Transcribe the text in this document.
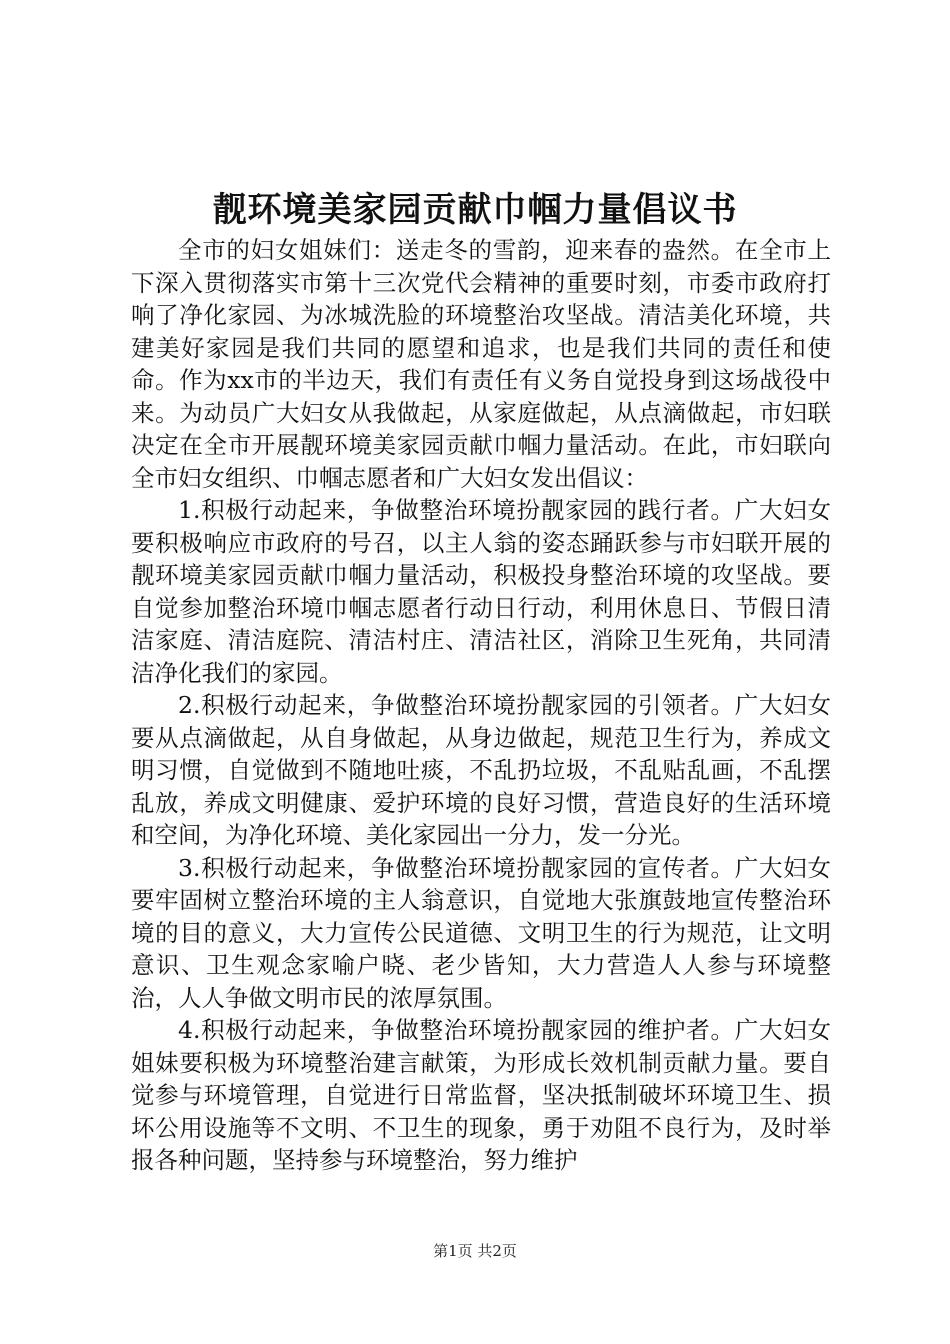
靓环境美家园贡献巾帼力量倡议书

全市的妇女姐妹们：送走冬的雪韵，迎来春的盎然。在全市上下深入贯彻落实市第十三次党代会精神的重要时刻，市委市政府打响了净化家园、为冰城洗脸的环境整治攻坚战。清洁美化环境，共建美好家园是我们共同的愿望和追求，也是我们共同的责任和使命。作为xx市的半边天，我们有责任有义务自觉投身到这场战役中来。为动员广大妇女从我做起，从家庭做起，从点滴做起，市妇联决定在全市开展靓环境美家园贡献巾帼力量活动。在此，市妇联向全市妇女组织、巾帼志愿者和广大妇女发出倡议：

1.积极行动起来，争做整治环境扮靓家园的践行者。广大妇女要积极响应市政府的号召，以主人翁的姿态踊跃参与市妇联开展的靓环境美家园贡献巾帼力量活动，积极投身整治环境的攻坚战。要自觉参加整治环境巾帼志愿者行动日行动，利用休息日、节假日清洁家庭、清洁庭院、清洁村庄、清洁社区，消除卫生死角，共同清洁净化我们的家园。

2.积极行动起来，争做整治环境扮靓家园的引领者。广大妇女要从点滴做起，从自身做起，从身边做起，规范卫生行为，养成文明习惯，自觉做到不随地吐痰，不乱扔垃圾，不乱贴乱画，不乱摆乱放，养成文明健康、爱护环境的良好习惯，营造良好的生活环境和空间，为净化环境、美化家园出一分力，发一分光。

3.积极行动起来，争做整治环境扮靓家园的宣传者。广大妇女要牢固树立整治环境的主人翁意识，自觉地大张旗鼓地宣传整治环境的目的意义，大力宣传公民道德、文明卫生的行为规范，让文明意识、卫生观念家喻户晓、老少皆知，大力营造人人参与环境整治，人人争做文明市民的浓厚氛围。

4.积极行动起来，争做整治环境扮靓家园的维护者。广大妇女姐妹要积极为环境整治建言献策，为形成长效机制贡献力量。要自觉参与环境管理，自觉进行日常监督，坚决抵制破坏环境卫生、损坏公用设施等不文明、不卫生的现象，勇于劝阻不良行为，及时举报各种问题，坚持参与环境整治，努力维护

第1页 共2页
